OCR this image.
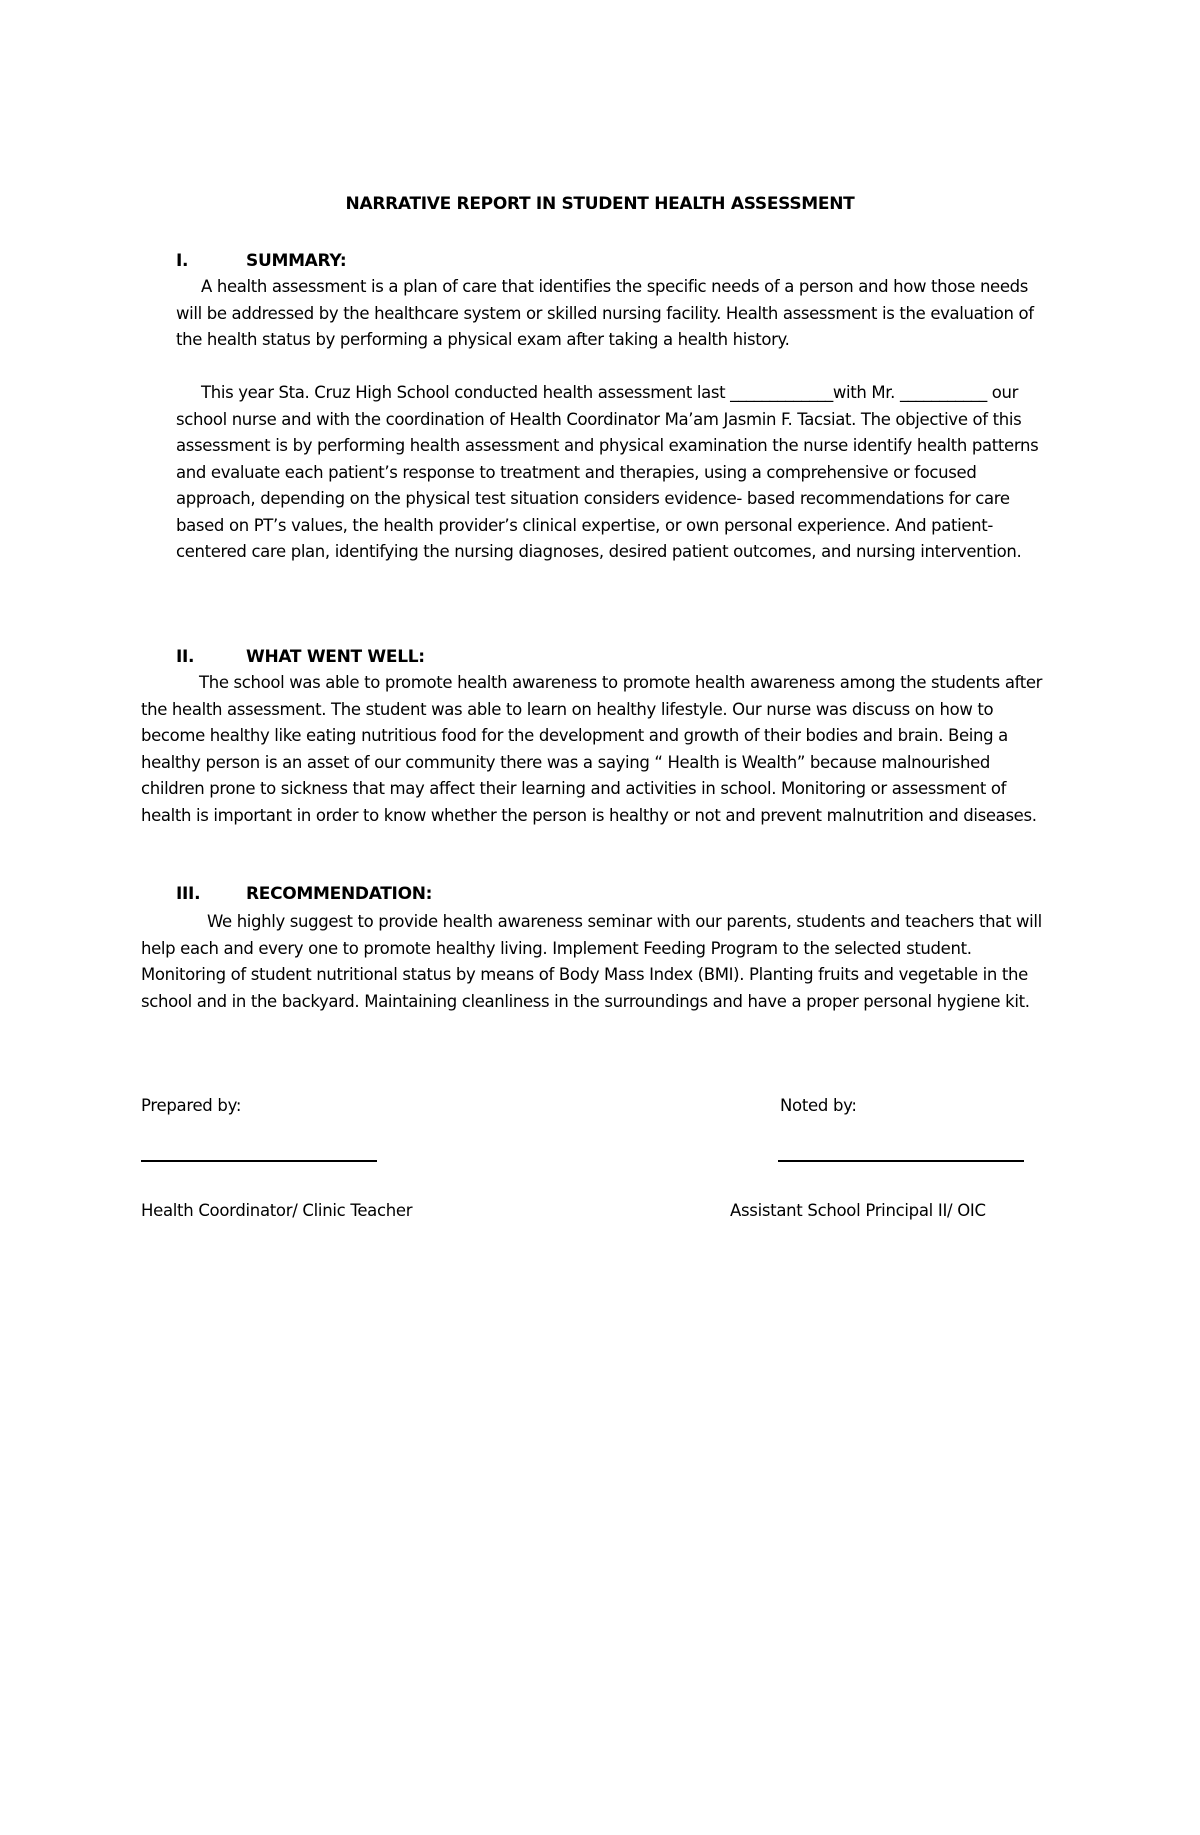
NARRATIVE REPORT IN STUDENT HEALTH ASSESSMENT
I.	SUMMARY:

A health assessment is a plan of care that identifies the specific needs of a person and how those needs will be addressed by the healthcare system or skilled nursing facility. Health assessment is the evaluation of the health status by performing a physical exam after taking a health history.

This year Sta. Cruz High School conducted health assessment last _____________with Mr. ___________ our school nurse and with the coordination of Health Coordinator Ma’am Jasmin F. Tacsiat. The objective of this assessment is by performing health assessment and physical examination the nurse identify health patterns and evaluate each patient’s response to treatment and therapies, using a comprehensive or focused approach, depending on the physical test situation considers evidence- based recommendations for care based on PT’s values, the health provider’s clinical expertise, or own personal experience. And patient- centered care plan, identifying the nursing diagnoses, desired patient outcomes, and nursing intervention.

II.	WHAT WENT WELL:

The school was able to promote health awareness to promote health awareness among the students after the health assessment. The student was able to learn on healthy lifestyle. Our nurse was discuss on how to become healthy like eating nutritious food for the development and growth of their bodies and brain. Being a healthy person is an asset of our community there was a saying “ Health is Wealth” because malnourished children prone to sickness that may affect their learning and activities in school. Monitoring or assessment of health is important in order to know whether the person is healthy or not and prevent malnutrition and diseases.

III.	RECOMMENDATION:

We highly suggest to provide health awareness seminar with our parents, students and teachers that will help each and every one to promote healthy living. Implement Feeding Program to the selected student. Monitoring of student nutritional status by means of Body Mass Index (BMI). Planting fruits and vegetable in the school and in the backyard. Maintaining cleanliness in the surroundings and have a proper personal hygiene kit.

Prepared by:	Noted by:
Health Coordinator/ Clinic Teacher	Assistant School Principal II/ OIC
